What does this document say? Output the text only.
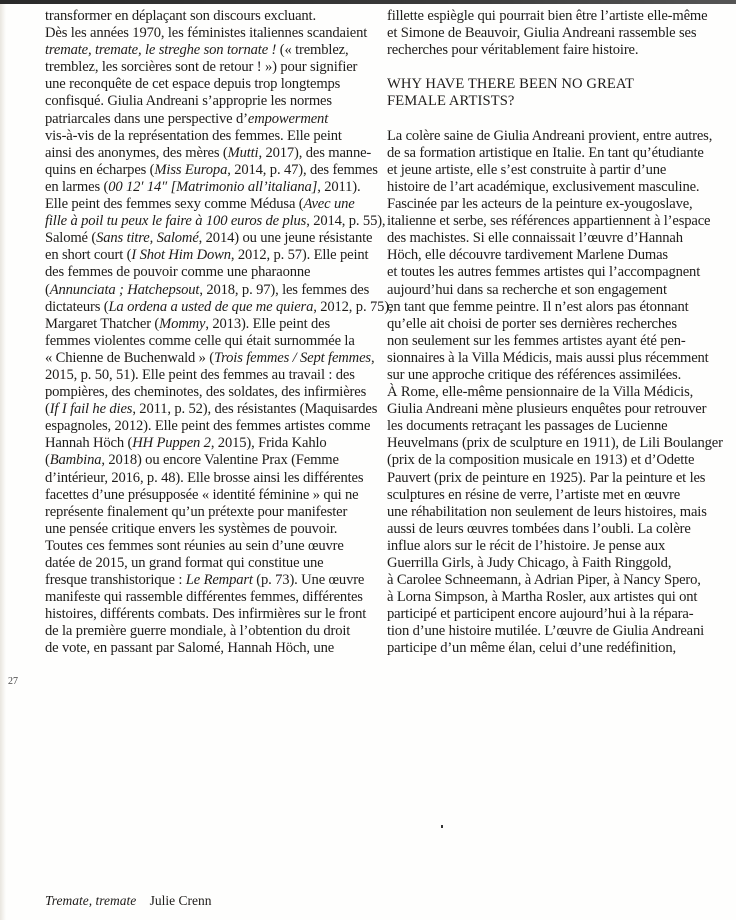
transformer en déplaçant son discours excluant.

Dès les années 1970, les féministes italiennes scandaient

tremate, tremate, le streghe son tornate ! (« tremblez,

tremblez, les sorcières sont de retour ! ») pour signifier

une reconquête de cet espace depuis trop longtemps

confisqué. Giulia Andreani s’approprie les normes

patriarcales dans une perspective d’empowerment

vis-à-vis de la représentation des femmes. Elle peint

ainsi des anonymes, des mères (Mutti, 2017), des manne-

quins en écharpes (Miss Europa, 2014, p. 47), des femmes

en larmes (00 12′ 14″ [Matrimonio all’italiana], 2011).

Elle peint des femmes sexy comme Médusa (Avec une

fille à poil tu peux le faire à 100 euros de plus, 2014, p. 55),

Salomé (Sans titre, Salomé, 2014) ou une jeune résistante

en short court (I Shot Him Down, 2012, p. 57). Elle peint

des femmes de pouvoir comme une pharaonne

(Annunciata ; Hatchepsout, 2018, p. 97), les femmes des

dictateurs (La ordena a usted de que me quiera, 2012, p. 75),

Margaret Thatcher (Mommy, 2013). Elle peint des

femmes violentes comme celle qui était surnommée la

« Chienne de Buchenwald » (Trois femmes / Sept femmes,

2015, p. 50, 51). Elle peint des femmes au travail : des

pompières, des cheminotes, des soldates, des infirmières

(If I fail he dies, 2011, p. 52), des résistantes (Maquisardes

espagnoles, 2012). Elle peint des femmes artistes comme

Hannah Höch (HH Puppen 2, 2015), Frida Kahlo

(Bambina, 2018) ou encore Valentine Prax (Femme

d’intérieur, 2016, p. 48). Elle brosse ainsi les différentes

facettes d’une présupposée « identité féminine » qui ne

représente finalement qu’un prétexte pour manifester

une pensée critique envers les systèmes de pouvoir.

Toutes ces femmes sont réunies au sein d’une œuvre

datée de 2015, un grand format qui constitue une

fresque transhistorique : Le Rempart (p. 73). Une œuvre

manifeste qui rassemble différentes femmes, différentes

histoires, différents combats. Des infirmières sur le front

de la première guerre mondiale, à l’obtention du droit

de vote, en passant par Salomé, Hannah Höch, une

fillette espiègle qui pourrait bien être l’artiste elle-même

et Simone de Beauvoir, Giulia Andreani rassemble ses

recherches pour véritablement faire histoire.

WHY HAVE THERE BEEN NO GREAT

FEMALE ARTISTS?

La colère saine de Giulia Andreani provient, entre autres,

de sa formation artistique en Italie. En tant qu’étudiante

et jeune artiste, elle s’est construite à partir d’une

histoire de l’art académique, exclusivement masculine.

Fascinée par les acteurs de la peinture ex-yougoslave,

italienne et serbe, ses références appartiennent à l’espace

des machistes. Si elle connaissait l’œuvre d’Hannah

Höch, elle découvre tardivement Marlene Dumas

et toutes les autres femmes artistes qui l’accompagnent

aujourd’hui dans sa recherche et son engagement

en tant que femme peintre. Il n’est alors pas étonnant

qu’elle ait choisi de porter ses dernières recherches

non seulement sur les femmes artistes ayant été pen-

sionnaires à la Villa Médicis, mais aussi plus récemment

sur une approche critique des références assimilées.

À Rome, elle-même pensionnaire de la Villa Médicis,

Giulia Andreani mène plusieurs enquêtes pour retrouver

les documents retraçant les passages de Lucienne

Heuvelmans (prix de sculpture en 1911), de Lili Boulanger

(prix de la composition musicale en 1913) et d’Odette

Pauvert (prix de peinture en 1925). Par la peinture et les

sculptures en résine de verre, l’artiste met en œuvre

une réhabilitation non seulement de leurs histoires, mais

aussi de leurs œuvres tombées dans l’oubli. La colère

influe alors sur le récit de l’histoire. Je pense aux

Guerrilla Girls, à Judy Chicago, à Faith Ringgold,

à Carolee Schneemann, à Adrian Piper, à Nancy Spero,

à Lorna Simpson, à Martha Rosler, aux artistes qui ont

participé et participent encore aujourd’hui à la répara-

tion d’une histoire mutilée. L’œuvre de Giulia Andreani

participe d’un même élan, celui d’une redéfinition,

27
Tremate, tremate Julie Crenn
